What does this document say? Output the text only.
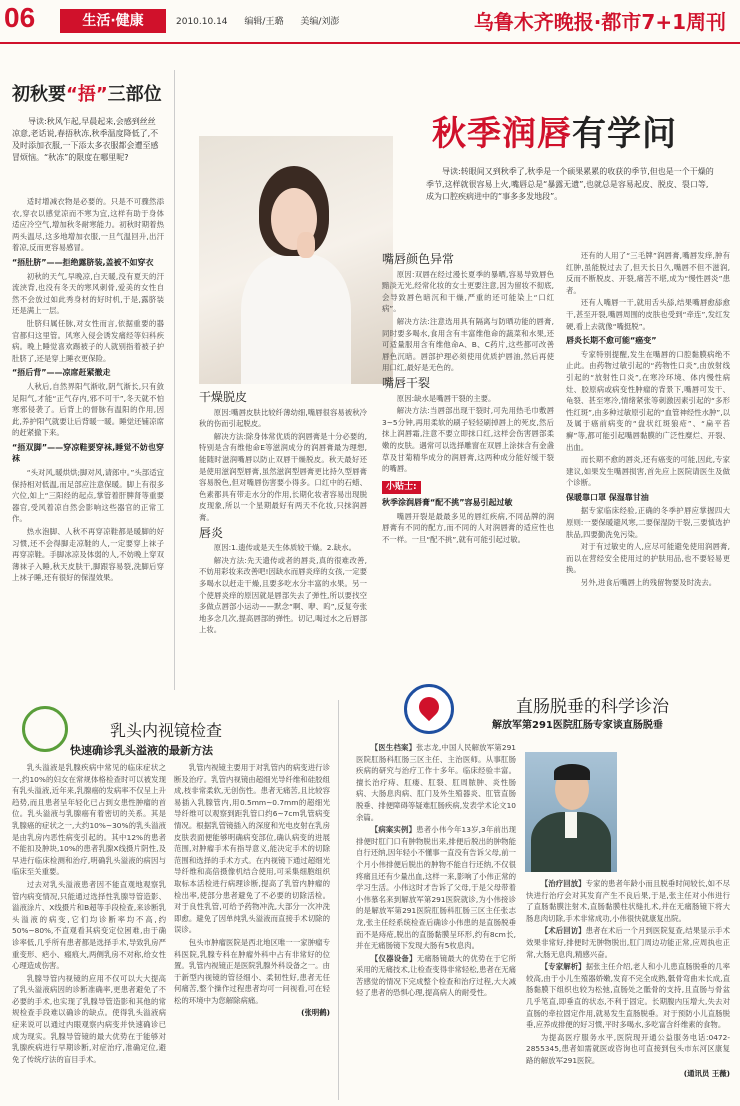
06	生活·健康	2010.10.14 编辑/王璐 美编/刘澎	乌鲁木齐晚报·都市7+1周刊
初秋要“捂”三部位
导读:秋风乍起,早晨起来,会感到丝丝凉意,老话说,春捂秋冻,秋季温度降低了,不及时添加衣服,一下添太多衣服都会遭至感冒烦恼。“秋冻”的限度在哪里呢?

适时增减衣物是必要的。只是不可骤然添衣,穿衣以感觉凉而不寒为宜,这样有助于身体适应冷空气,增加秋冬耐寒能力。初秋时期着热两头温尽,这多地增加衣服,一旦气温回升,出汗着凉,反而更容易感冒。

“捂肚脐”——拒绝露脐装,盖被不如穿衣

初秋的天气,早晚凉,白天暖,没有夏天的汗流浃背,也没有冬天的寒风刺骨,爱美的女性自然不会放过如此秀身材的好时机,于是,露脐装还是满上一层。

肚脐归属任脉,对女性而言,依据重要的器官都归这里管。风寒入侵会诱发痛经等妇科疾病。晚上睡觉喜欢踢被子的人就别指着被子护肚脐了,还是穿上睡衣更保险。

“捂后背”——凉席赶紧撤走

人秋后,自然界阳气渐收,阴气渐长,只有敛足阳气,才能“正气存内,邪不可干”,冬天就不怕寒邪侵袭了。后背上的督脉有温阳的作用,因此,养护阳气就要让后背暖一暖。睡觉还铺凉席的赶紧撤下来。

“捂双脚”——穿凉鞋要穿袜,睡觉不妨也穿袜

“头对风,暖烘烘;脚对风,请郎中。”头部适宜保持相对低温,而足部应注意保暖。脚上有很多穴位,如上“三阳经的起点,掌管着肝脾肾等重要器官,受风着凉自然会影响这些器官的正常工作。

热水泡脚、人秋不再穿凉鞋都是暖脚的好习惯,还不会得脚走凉鞋的人,一定要穿上袜子再穿凉鞋。手脚冰凉及体弱的人,不妨晚上穿双薄袜子入睡,秋天皮肤干,脚跟容易裂,洗脚后穿上袜子睡,还有很好的保湿效果。

秋季润唇有学问
导读:转眼间又到秋季了,秋季是一个硕果累累的收获的季节,但也是一个干燥的季节,这样就很容易上火,嘴唇总是“暴露无遗”,也就总是容易起皮、脱皮、裂口等,成为口腔疾病进中的“事多多发地段”。
干燥脱皮

原因:嘴唇皮肤比较纤薄幼细,嘴唇很容易被秋冷秋的伤而引起脱皮。

解决方法:除身体常优质的润唇膏是十分必要的,特别是含有维他命E等滋润成分的润唇膏最为理想,能随时滋润嘴唇以防止双唇干燥脱皮。秋天最好还是使用滋润型唇膏,虽然滋润型唇膏更比持久型唇膏容易脱色,但对嘴唇伤害要小得多。口红中的石蜡、色素都具有带走水分的作用,长期化妆者容易出现脱皮现象,所以一个星期最好有两天不化妆,只抹润唇膏。

唇炎

原因:1.遗传或是天生体质较干燥。2.缺水。

解决方法:先天遗传或者的唇炎,真的很难改善,不妨用彩妆来改善吧!因缺水而唇炎痒的女孩,一定要多喝水以赶走干燥,且要多吃水分丰富的水果。另一个使唇炎痒的原因就是唇部失去了弹性,所以要找空多做点唇部小运动——默念“啊、咿、呜”,反复夸张地多念几次,提高唇部的弹性。切记,喝过水之后唇部上妆。

嘴唇颜色异常

原因:双唇在经过漫长夏季的暴晒,容易导致唇色黯淡无光,经常化妆的女士更要注意,因为留妆不彻底,会导致唇色暗沉和干燥,严重的还可能染上“口红病”。

解决方法:注意选用具有隔离与防晒功能的唇膏,同时要多喝水,食用含有丰富维他命的蔬菜和水果,还可适量服用含有维他命A、B、C药片,这些都可改善唇色沉暗。唇部护理必须使用优质护唇油,然后再使用口红,最好是无色的。

嘴唇干裂

原因:缺水是嘴唇干裂的主要。

解决方法:当唇部出现干裂时,可先用热毛巾敷唇3~5分钟,再用柔软的刷子轻轻刷掉唇上的死皮,然后抹上润唇霜,注意不要立即抹口红,这样会伤害唇部柔嫩的皮肤。遇常可以选择雕窗在双唇上涂抹含有金盏草及甘菊精华成分的润唇膏,这两种成分能好缓干裂的嘴唇。

小贴士:
秋季涂润唇膏“配不挑”容易引起过敏

嘴唇开裂是最最多见的唇红疾病,不同品牌的润唇膏有不同的配方,而不同的人对润唇膏的适应性也不一样。一旦“配不挑”,就有可能引起过敏。

还有的人用了“三毛牌”润唇膏,嘴唇发痒,肿有红肿,虽能脱过去了,但天长日久,嘴唇不但不滋润,反而不断脱皮、开裂,痛苦不堪,成为“慢性唇炎”患者。

还有人嘴唇一干,就用舌头舔,结果嘴唇愈舔愈干,甚至开裂,嘴唇周围的皮肤也受到“牵连”,发红发硬,看上去就像“嘴挺脱”。

唇炎长期不愈可能“癌变”

专家特别提醒,发生在嘴唇的口腔黏膜病绝不止此。由药物过敏引起的“药物性口炎”,由放射线引起的“放射性口炎”,在寒冷环境、体内慢性病灶、胶原病或病变性肿瘤的背景下,嘴唇可发干、龟裂、甚至寒冷,情绪紧张等刺激因素引起的“多形性红斑”,由多种过敏原引起的“血管神经性水肿”,以及属于癌前病变的“盘状红斑狼疮”、“扁平苔癣”等,都可能引起嘴唇黏膜的广泛性糜烂、开裂、出血。

而长期不愈的唇炎,还有癌变的可能,因此,专家建议,如果发生嘴唇损害,首先应上医院请医生及做个诊断。

保暖靠口罩 保湿靠甘油

据专家临床经验,正确的冬季护唇应掌握四大原则:一要保暖避风寒,二要保湿防干裂,三要慎选护肤品,四要勤洗免污染。

对于有过敏史的人,应尽可能避免使用润唇膏,而以在营经安全使用过的护肤用品,也不要轻易更换。

另外,进食后嘴唇上的残留物要及时洗去。

乳头内视镜检查
快速确诊乳头溢液的最新方法

乳头溢液是乳腺疾病中常见的临床症状之一,约10%的妇女在常规体格检查时可以被发现有乳头溢液,近年来,乳腺癌的发病率不仅呈上升趋势,而且患者呈年轻化已占到女患性肿瘤的首位。乳头溢液与乳腺癌有着密切的关系。其是乳腺癌的症状之一,大约10%~30%的乳头溢液是由乳房内恶性病变引起的。其中12%的患者不能扣及肿块,10%的患者乳腺X线摄片阴性,及早进行临床检测和治疗,明确乳头溢液的病因与临床至关重要。

过去对乳头溢液患者因不能直观地观察乳管内病变情况,只能通过选择性乳腺导管造影、溢液涂片、X线摄片和B超等手段检查,来诊断乳头溢液的病变,它们均诊断率均不高,约50%~80%,不直观看其病变定位困难,由于确诊率低,几乎所有患者都是选择手术,导致乳房严重变形、疤小、瘢痕大,两侧乳房不对称,给女性心理造成伤害。

乳腺导管内视镜的应用不仅可以大大提高了乳头溢液病因的诊断准确率,更患者避免了不必要的手术,也实现了乳腺导管造影和其他的常规检查手段难以确诊的缺点。使得乳头溢液病症来说可以通过内眼观察内病变并快速确诊已成为现实。乳腺导管镜的最大优势在于能够对乳腺疾病进行早期诊断,对症治疗,准确定位,避免了传统疗法的盲目手术。

乳管内视镜主要用于对乳管内的病变进行诊断及治疗。乳管内视镜由超细光导纤维和硅胶组成,枝非常柔软,无创伤性。患者无痛苦,且比较容易插入乳腺管内,用0.5mm~0.7mm的超细光导纤维可以观察到距乳管口约6~7cm乳管病变情况。根据乳管镜插入的深度和光电皮射在乳房皮肤表面便能够明确病变部位,确认病变的进展范围,对肿瘤手术有指导意义,能决定手术的切除范围和选择的手术方式。在内视镜下通过超细光导纤维和高倍摄像机结合使用,可采集细胞组织取标本活检进行病理诊断,提高了乳管内肿瘤的检出率,使部分患者避免了不必要的切除活检。对于良性乳管,可给予药物冲洗,大部分一次冲洗即愈。避免了因单纯乳头溢液而直接手术切除的误诊。

包头市肿瘤医院是西北地区唯一一家肿瘤专科医院,乳腺专科在肿瘤外科中占有非常好的位置。乳管内视镜正是医院乳腺外科设备之一。由于新型内视镜的管径细小、柔韧性好,患者无任何痛苦,整个操作过程患者均可一问视看,可在轻松的环境中为您解除病痛。

(张明鹤)
直肠脱垂的科学诊治
解放军第291医院肛肠专家谈直肠脱垂

【医生档案】张志龙,中国人民解放军第291医院肛肠科肛肠三区主任、主治医师。从事肛肠疾病的研究与治疗工作十多年。临床经验丰富。擅长治疗痔、肛瘘、肛裂、肛周脓肿、炎性肠病、大肠息肉病、肛门及外生殖器炎、肛管直肠脱垂、排便障碍等疑难肛肠疾病,发表学术论文10余篇。

【病案实例】患者小伟今年13岁,3年前出现排便时肛门口有肿物脱出来,排便后脱出的肿物能自行还纳,因年轻小不懂事一直没有告诉父母,前一个月小伟排便后脱出的肿物不能自行还纳,不仅很疼痛且还有少量出血,这样一来,影响了小伟正常的学习生活。小伟这时才告诉了父母,于是父母带着小伟慕名来到解放军第291医院就诊,为小伟接诊的是解放军第291医院肛肠科肛肠三区主任张志龙,张主任经系统检查后确诊小伟患的是直肠脱垂而不是痔疮,脱出的直肠黏膜呈环形,约有8cm长,并在无痛肠镜下发现大肠有5枚息肉。

【仪器设备】无痛肠镜最大的优势在于它所采用的无痛技术,让检查变得非常轻松,患者在无痛苦感觉的情况下完成整个检查和治疗过程,大大减轻了患者的恐惧心理,提高病人的耐受性。

【治疗回放】专家的患者年龄小而且脱垂时间较长,如不尽快进行治疗会对其发育产生不良后果,于是,张主任对小伟进行了直肠黏膜注射术,直肠黏膜柱状缝扎术,并在无痛肠镜下将大肠息肉切除,手术非常成功,小伟很快就康复出院。

【术后回访】患者在术后一个月到医院复查,结果显示手术效果非常好,排便时无肿物脱出,肛门周边功能正常,应周执也正常,大肠无息肉,精感兴奋。

【专家解析】据张主任介绍,老人和小儿患直肠脱垂的几率较高,由于小儿生殖器娇嫩,发育不完全成熟,骶骨弯曲未长成,直肠黏膜下组织也较为松弛,直肠处之骶骨的支持,且直肠与骨盆几乎笔直,即垂直的状态,不利于固定。长期腹内压增大,失去对直肠的牵拉固定作用,就易发生直肠脱垂。对于预防小儿直肠脱垂,应养成排便的好习惯,平时多喝水,多吃富含纤维素的食物。

为提高医疗服务水平,医院现开通公益服务电话:0472-2855345,患者如需就医或咨询也可直接到包头市东河区康复路的解放军291医院。

(通讯员 王薇)
